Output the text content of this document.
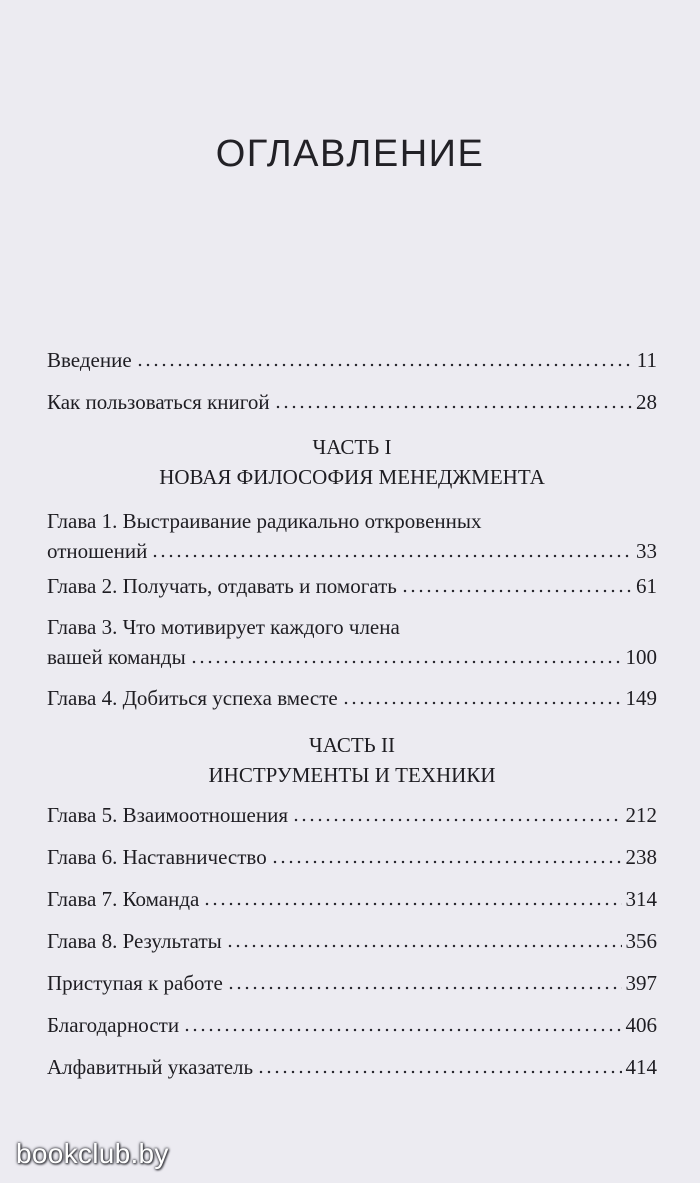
ОГЛАВЛЕНИЕ
Введение	11
Как пользоваться книгой	28
ЧАСТЬ I
НОВАЯ ФИЛОСОФИЯ МЕНЕДЖМЕНТА
Глава 1. Выстраивание радикально откровенных
отношений	33
Глава 2. Получать, отдавать и помогать	61
Глава 3. Что мотивирует каждого члена
вашей команды	100
Глава 4. Добиться успеха вместе	149
ЧАСТЬ II
ИНСТРУМЕНТЫ И ТЕХНИКИ
Глава 5. Взаимоотношения	212
Глава 6. Наставничество	238
Глава 7. Команда	314
Глава 8. Результаты	356
Приступая к работе	397
Благодарности	406
Алфавитный указатель	414
bookclub.by
